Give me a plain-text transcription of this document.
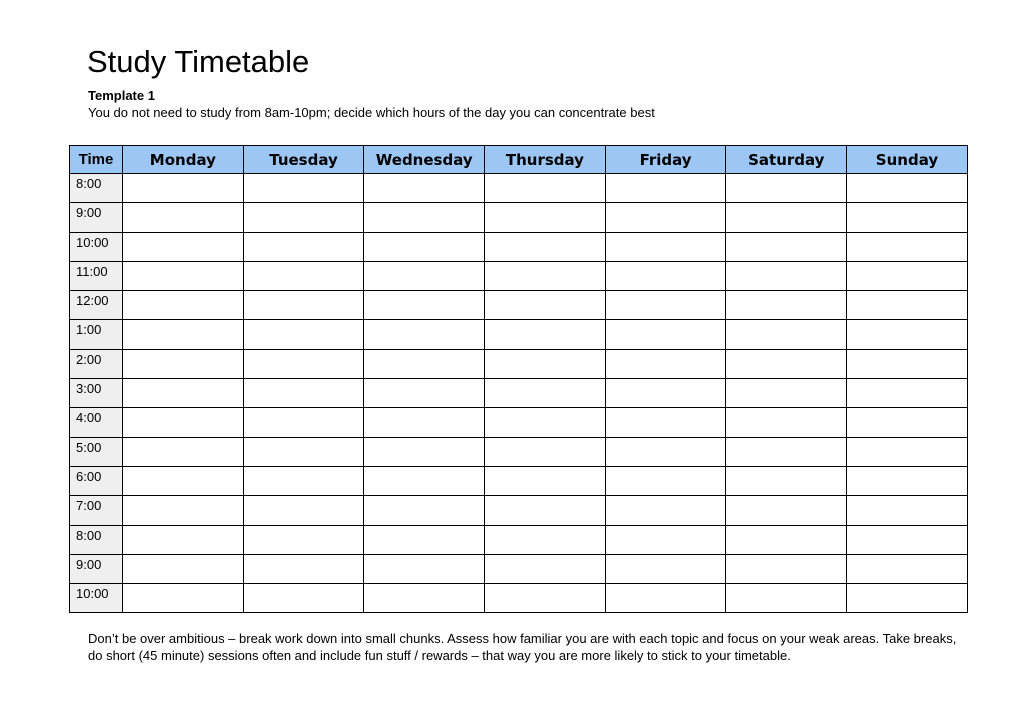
Study Timetable
Template 1
You do not need to study from 8am-10pm; decide which hours of the day you can concentrate best
Time	Monday	Tuesday	Wednesday	Thursday	Friday	Saturday	Sunday
8:00							
9:00							
10:00							
11:00							
12:00							
1:00							
2:00							
3:00							
4:00							
5:00							
6:00							
7:00							
8:00							
9:00							
10:00							
Don’t be over ambitious – break work down into small chunks. Assess how familiar you are with each topic and focus on your weak areas. Take breaks, do short (45 minute) sessions often and include fun stuff / rewards – that way you are more likely to stick to your timetable.
